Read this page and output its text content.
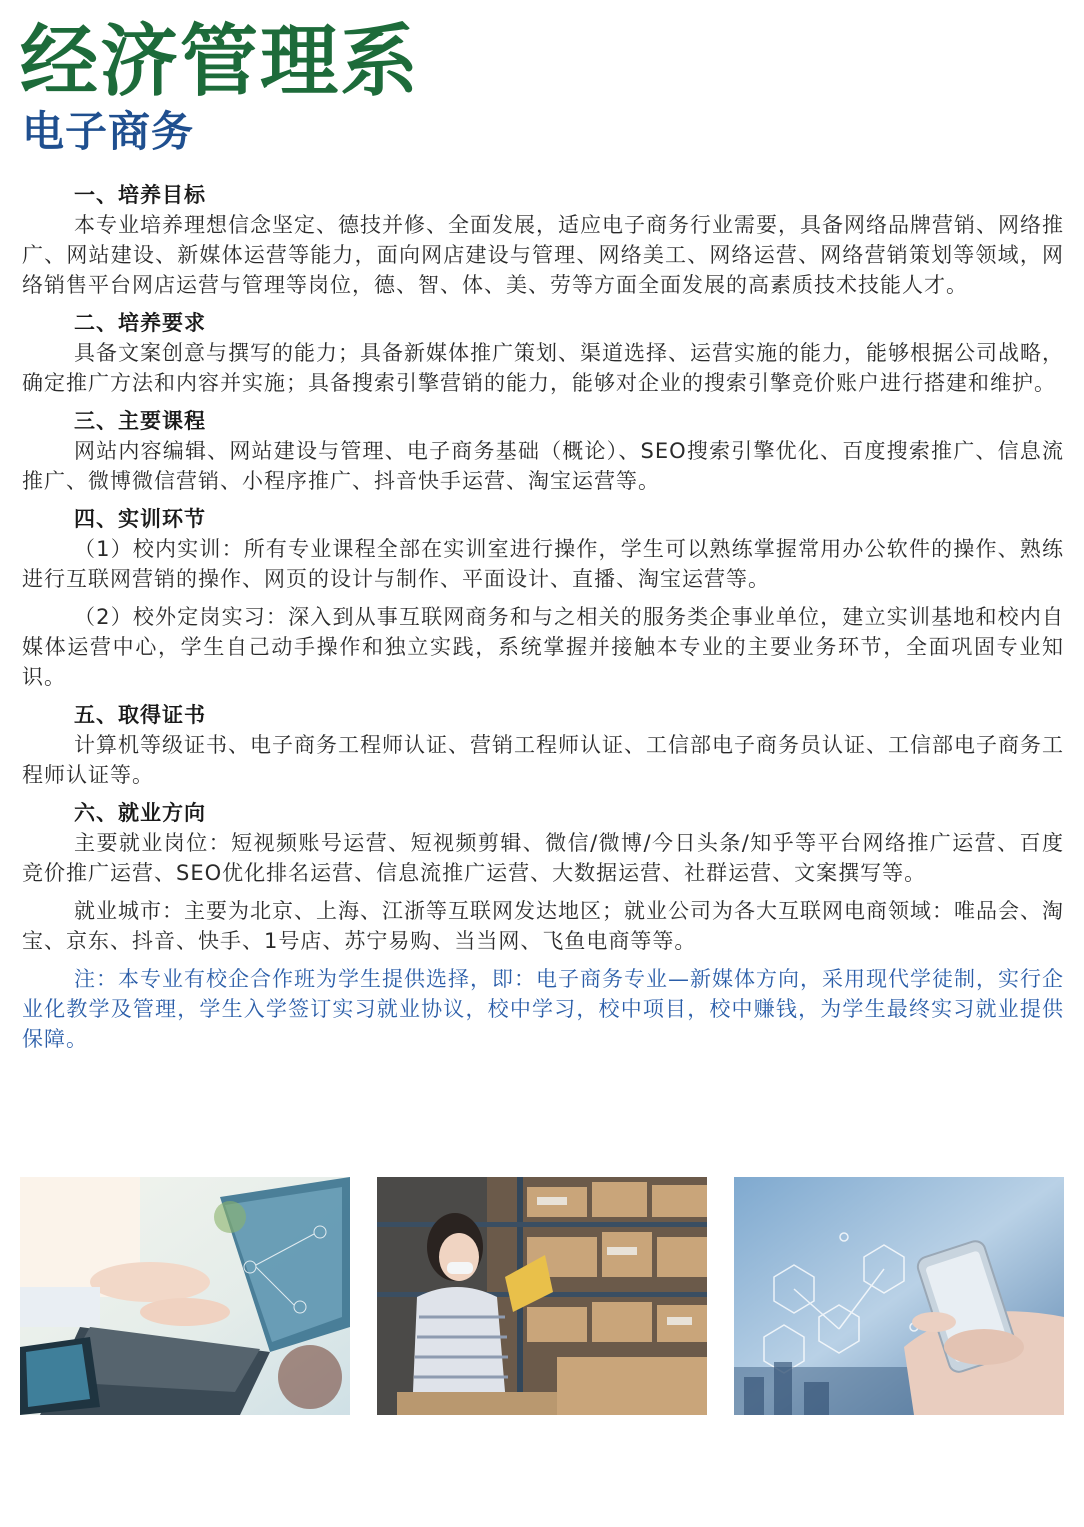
经济管理系
电子商务

一、培养目标

本专业培养理想信念坚定、德技并修、全面发展，适应电子商务行业需要，具备网络品牌营销、网络推广、网站建设、新媒体运营等能力，面向网店建设与管理、网络美工、网络运营、网络营销策划等领域，网络销售平台网店运营与管理等岗位，德、智、体、美、劳等方面全面发展的高素质技术技能人才。

二、培养要求

具备文案创意与撰写的能力；具备新媒体推广策划、渠道选择、运营实施的能力，能够根据公司战略，确定推广方法和内容并实施；具备搜索引擎营销的能力，能够对企业的搜索引擎竞价账户进行搭建和维护。

三、主要课程

网站内容编辑、网站建设与管理、电子商务基础（概论）、SEO搜索引擎优化、百度搜索推广、信息流推广、微博微信营销、小程序推广、抖音快手运营、淘宝运营等。

四、实训环节

（1）校内实训：所有专业课程全部在实训室进行操作，学生可以熟练掌握常用办公软件的操作、熟练进行互联网营销的操作、网页的设计与制作、平面设计、直播、淘宝运营等。

（2）校外定岗实习：深入到从事互联网商务和与之相关的服务类企事业单位，建立实训基地和校内自媒体运营中心，学生自己动手操作和独立实践，系统掌握并接触本专业的主要业务环节，全面巩固专业知识。

五、取得证书

计算机等级证书、电子商务工程师认证、营销工程师认证、工信部电子商务员认证、工信部电子商务工程师认证等。

六、就业方向

主要就业岗位：短视频账号运营、短视频剪辑、微信/微博/今日头条/知乎等平台网络推广运营、百度竞价推广运营、SEO优化排名运营、信息流推广运营、大数据运营、社群运营、文案撰写等。

就业城市：主要为北京、上海、江浙等互联网发达地区；就业公司为各大互联网电商领域：唯品会、淘宝、京东、抖音、快手、1号店、苏宁易购、当当网、飞鱼电商等等。

注：本专业有校企合作班为学生提供选择，即：电子商务专业—新媒体方向，采用现代学徒制，实行企业化教学及管理，学生入学签订实习就业协议，校中学习，校中项目，校中赚钱，为学生最终实习就业提供保障。
